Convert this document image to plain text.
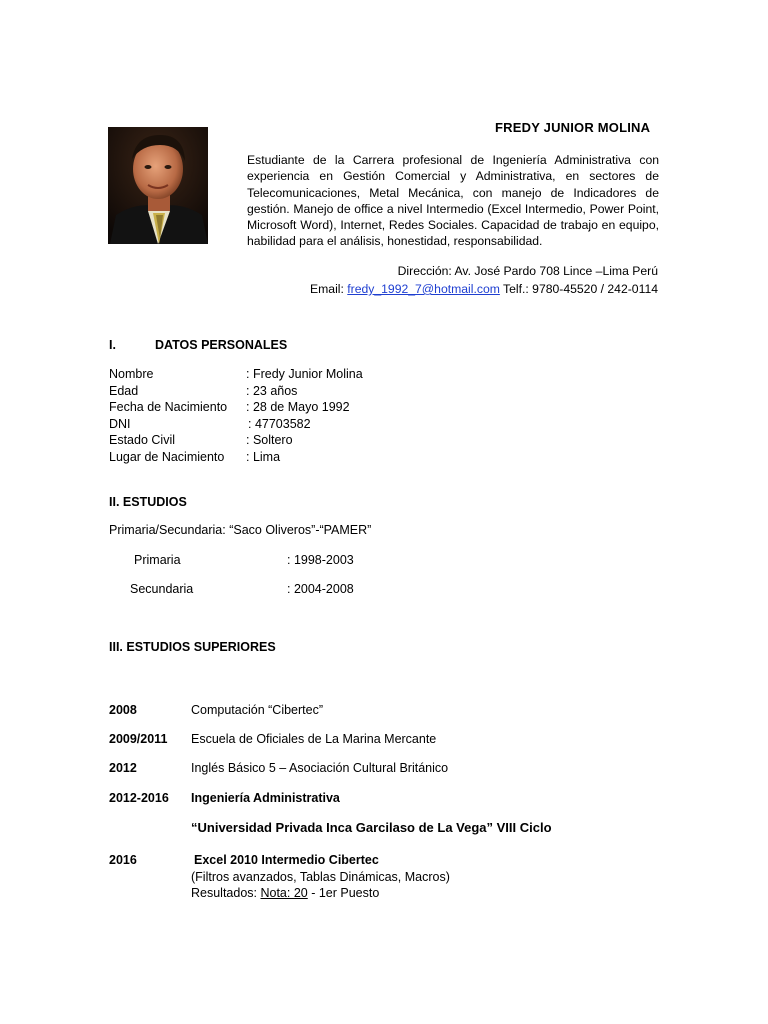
FREDY JUNIOR MOLINA
Estudiante de la Carrera profesional de Ingeniería Administrativa con experiencia en Gestión Comercial y Administrativa, en sectores de Telecomunicaciones, Metal Mecánica, con manejo de Indicadores de gestión. Manejo de office a nivel Intermedio (Excel Intermedio, Power Point, Microsoft Word), Internet, Redes Sociales. Capacidad de trabajo en equipo, habilidad para el análisis, honestidad, responsabilidad.
Dirección: Av. José Pardo 708 Lince –Lima Perú
Email: fredy_1992_7@hotmail.com Telf.: 9780-45520 / 242-0114
I.	DATOS PERSONALES
Nombre	: Fredy Junior Molina
Edad	: 23 años
Fecha de Nacimiento : 28 de Mayo 1992
DNI	: 47703582
Estado Civil	: Soltero
Lugar de Nacimiento : Lima
II. ESTUDIOS
Primaria/Secundaria: “Saco Oliveros”-“PAMER”
Primaria	: 1998-2003
Secundaria	: 2004-2008
III. ESTUDIOS SUPERIORES
2008	Computación “Cibertec”
2009/2011 Escuela de Oficiales de La Marina Mercante
2012	Inglés Básico 5 – Asociación Cultural Británico
2012-2016 Ingeniería Administrativa
“Universidad Privada Inca Garcilaso de La Vega” VIII Ciclo
2016	Excel 2010 Intermedio Cibertec
(Filtros avanzados, Tablas Dinámicas, Macros)
Resultados: Nota: 20 - 1er Puesto
